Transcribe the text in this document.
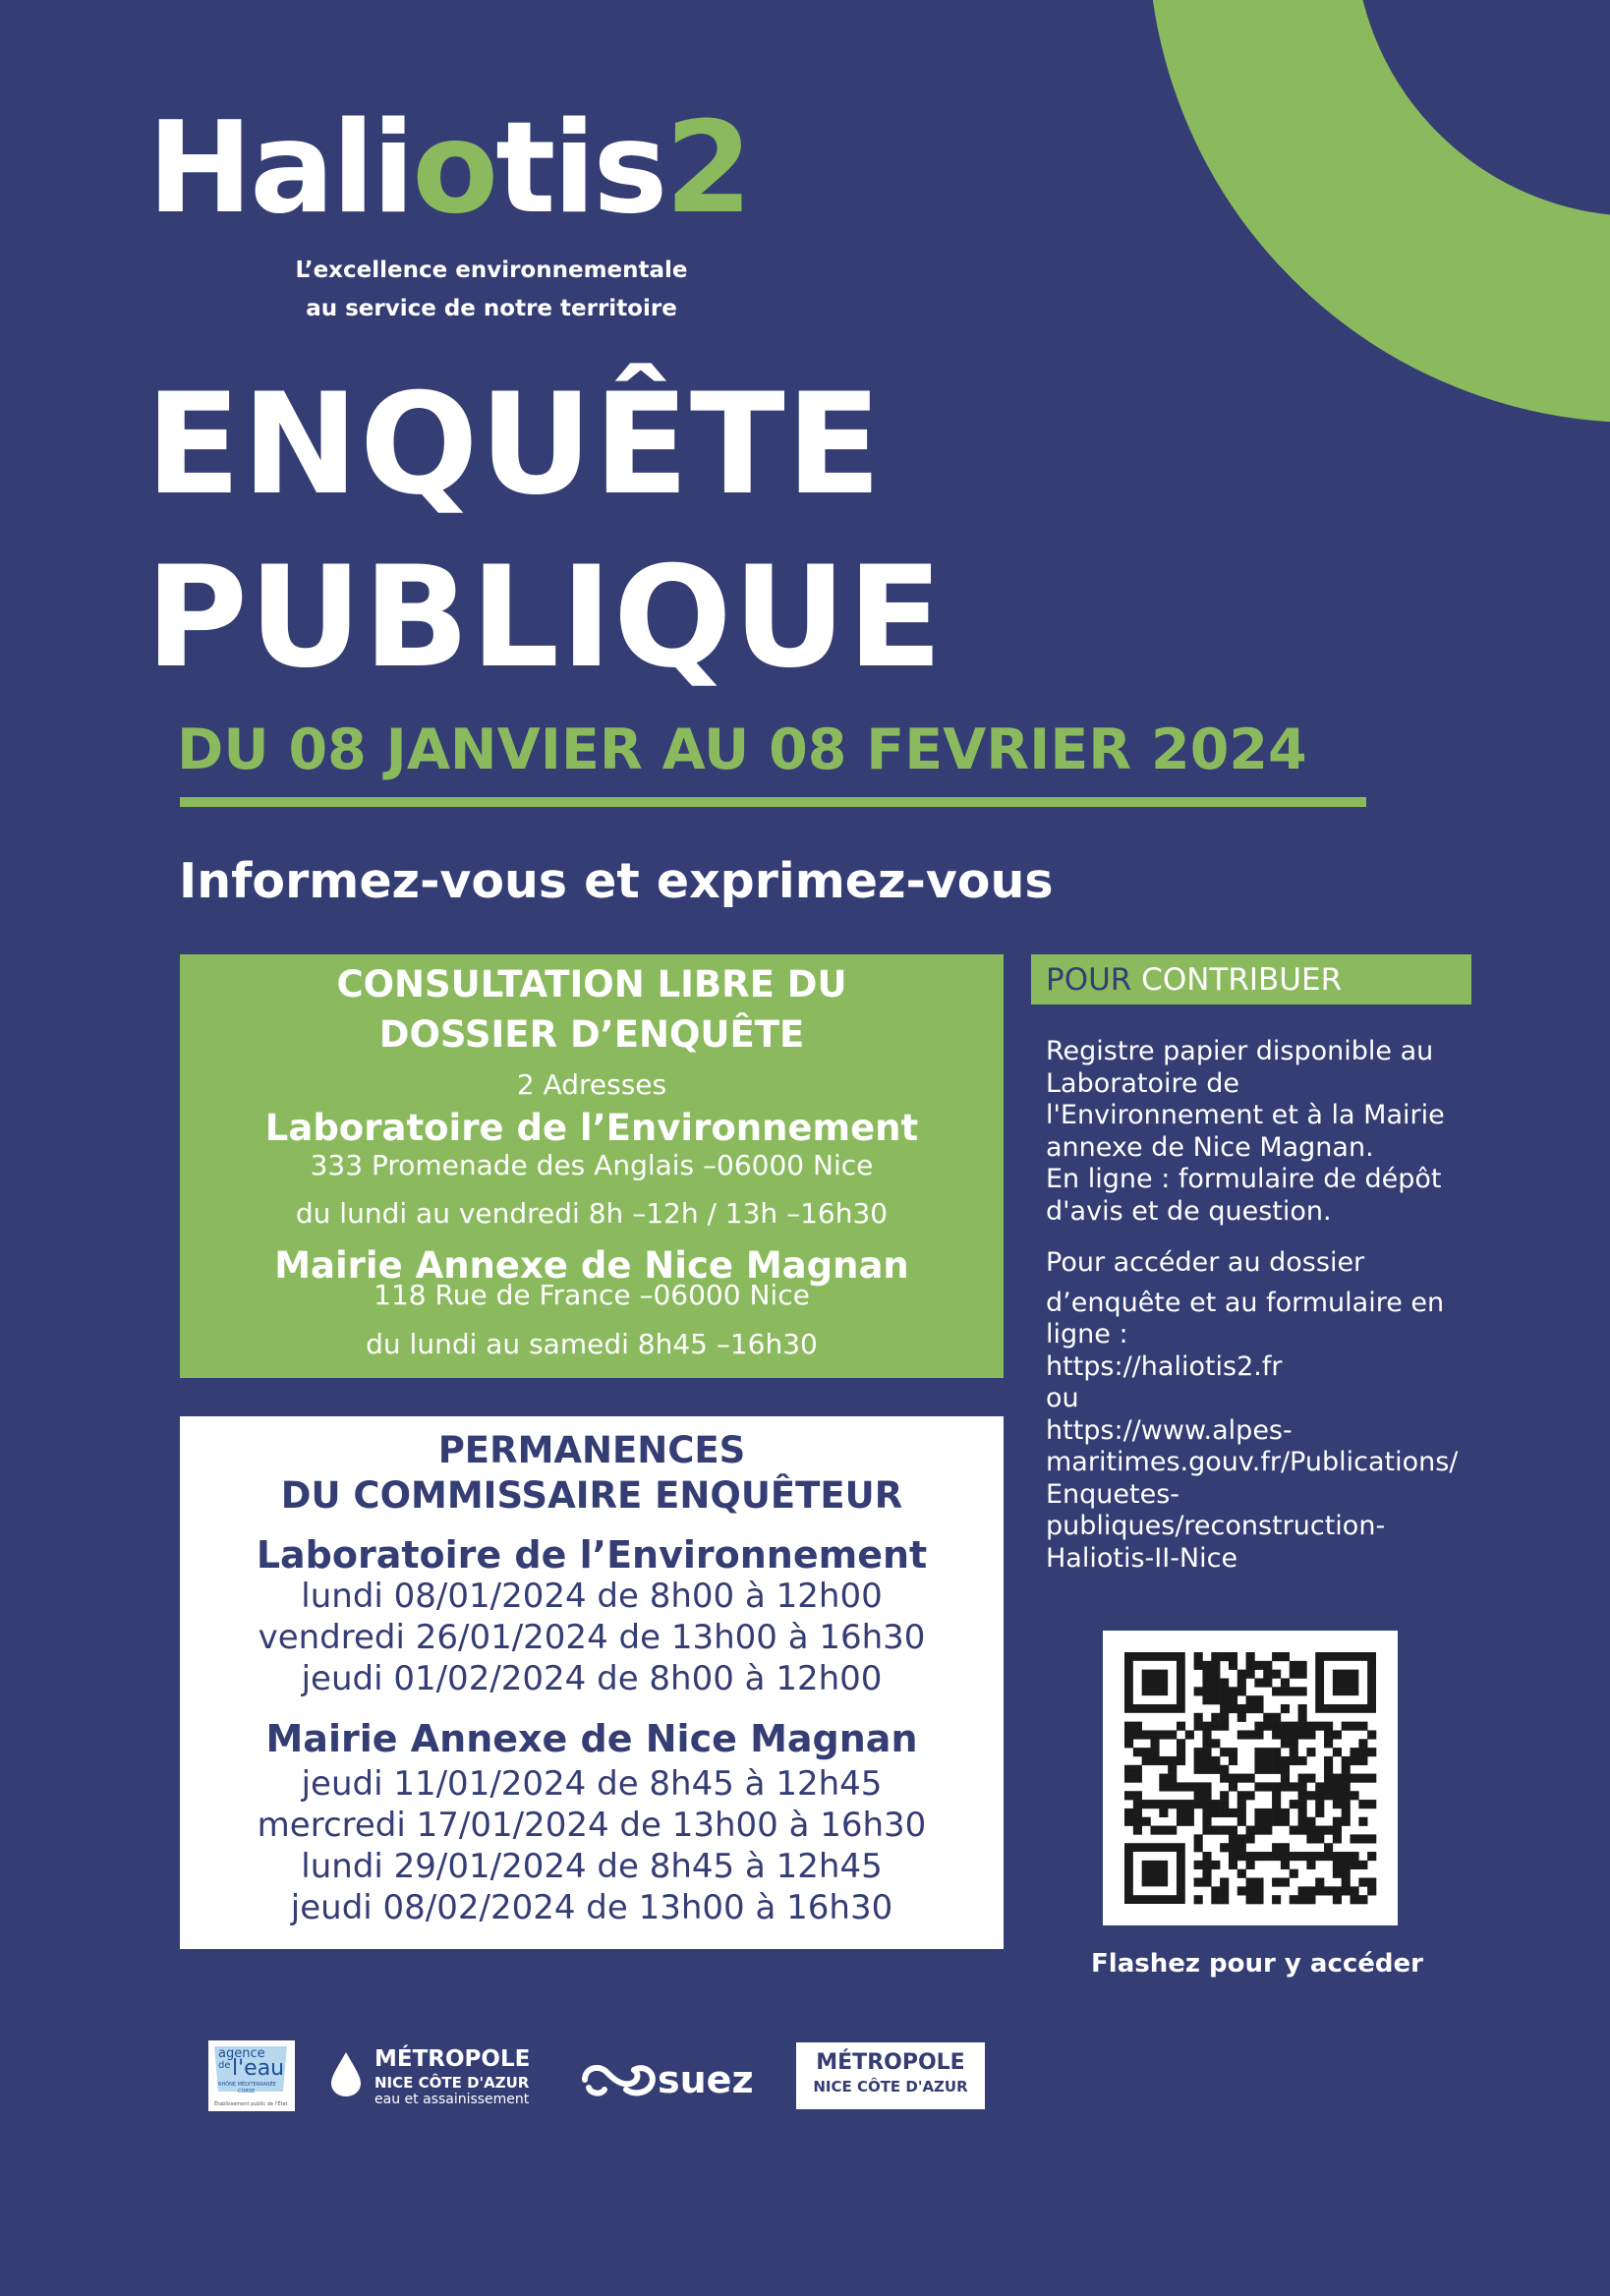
Haliotis2
L’excellence environnementale
au service de notre territoire
ENQUÊTE
PUBLIQUE
DU 08 JANVIER AU 08 FEVRIER 2024
Informez-vous et exprimez-vous
CONSULTATION LIBRE DU
DOSSIER D’ENQUÊTE
2 Adresses
Laboratoire de l’Environnement
333 Promenade des Anglais –06000 Nice
du lundi au vendredi 8h –12h / 13h –16h30
Mairie Annexe de Nice Magnan
118 Rue de France –06000 Nice
du lundi au samedi 8h45 –16h30
PERMANENCES
DU COMMISSAIRE ENQUÊTEUR
Laboratoire de l’Environnement
lundi 08/01/2024 de 8h00 à 12h00
vendredi 26/01/2024 de 13h00 à 16h30
jeudi 01/02/2024 de 8h00 à 12h00
Mairie Annexe de Nice Magnan
jeudi 11/01/2024 de 8h45 à 12h45
mercredi 17/01/2024 de 13h00 à 16h30
lundi 29/01/2024 de 8h45 à 12h45
jeudi 08/02/2024 de 13h00 à 16h30
POUR CONTRIBUER

Registre papier disponible au

Laboratoire de

l'Environnement et à la Mairie

annexe de Nice Magnan.

En ligne : formulaire de dépôt

d'avis et de question.

Pour accéder au dossier

d’enquête et au formulaire en

ligne :

https://haliotis2.fr

ou

https://www.alpes-

maritimes.gouv.fr/Publications/

Enquetes-

publiques/reconstruction-

Haliotis-II-Nice

Flashez pour y accéder
agence
de l'eau
RHÔNE MÉDITERRANÉE
CORSE
Établissement public de l'État
MÉTROPOLE
NICE CÔTE D'AZUR
eau et assainissement	suez	MÉTROPOLE
NICE CÔTE D'AZUR
